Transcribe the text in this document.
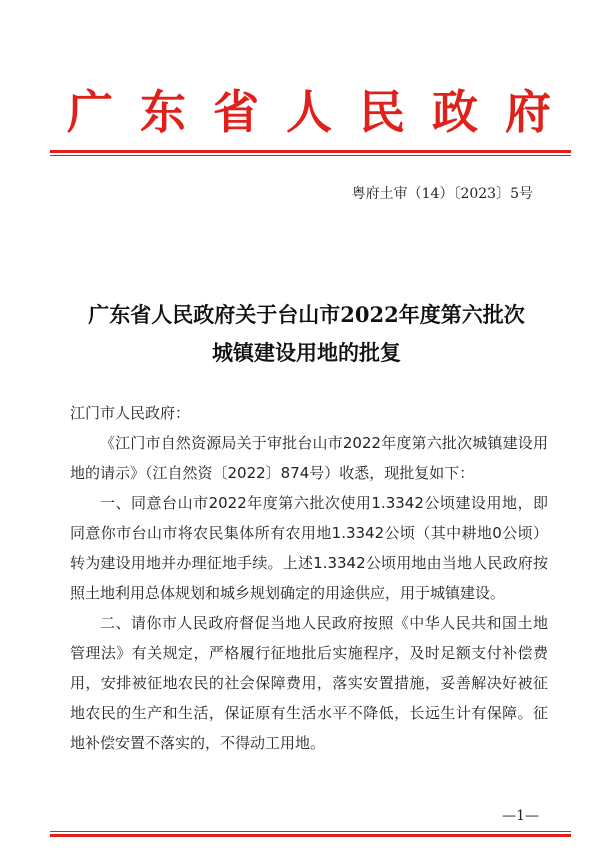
广东省人民政府
粤府土审（14）〔2023〕5号
广东省人民政府关于台山市2022年度第六批次
城镇建设用地的批复

江门市人民政府：

《江门市自然资源局关于审批台山市2022年度第六批次城镇建设用地的请示》（江自然资〔2022〕874号）收悉，现批复如下：

一、同意台山市2022年度第六批次使用1.3342公顷建设用地，即同意你市台山市将农民集体所有农用地1.3342公顷（其中耕地0公顷）转为建设用地并办理征地手续。上述1.3342公顷用地由当地人民政府按照土地利用总体规划和城乡规划确定的用途供应，用于城镇建设。

二、请你市人民政府督促当地人民政府按照《中华人民共和国土地管理法》有关规定，严格履行征地批后实施程序，及时足额支付补偿费用，安排被征地农民的社会保障费用，落实安置措施，妥善解决好被征地农民的生产和生活，保证原有生活水平不降低，长远生计有保障。征地补偿安置不落实的，不得动工用地。

—1—
